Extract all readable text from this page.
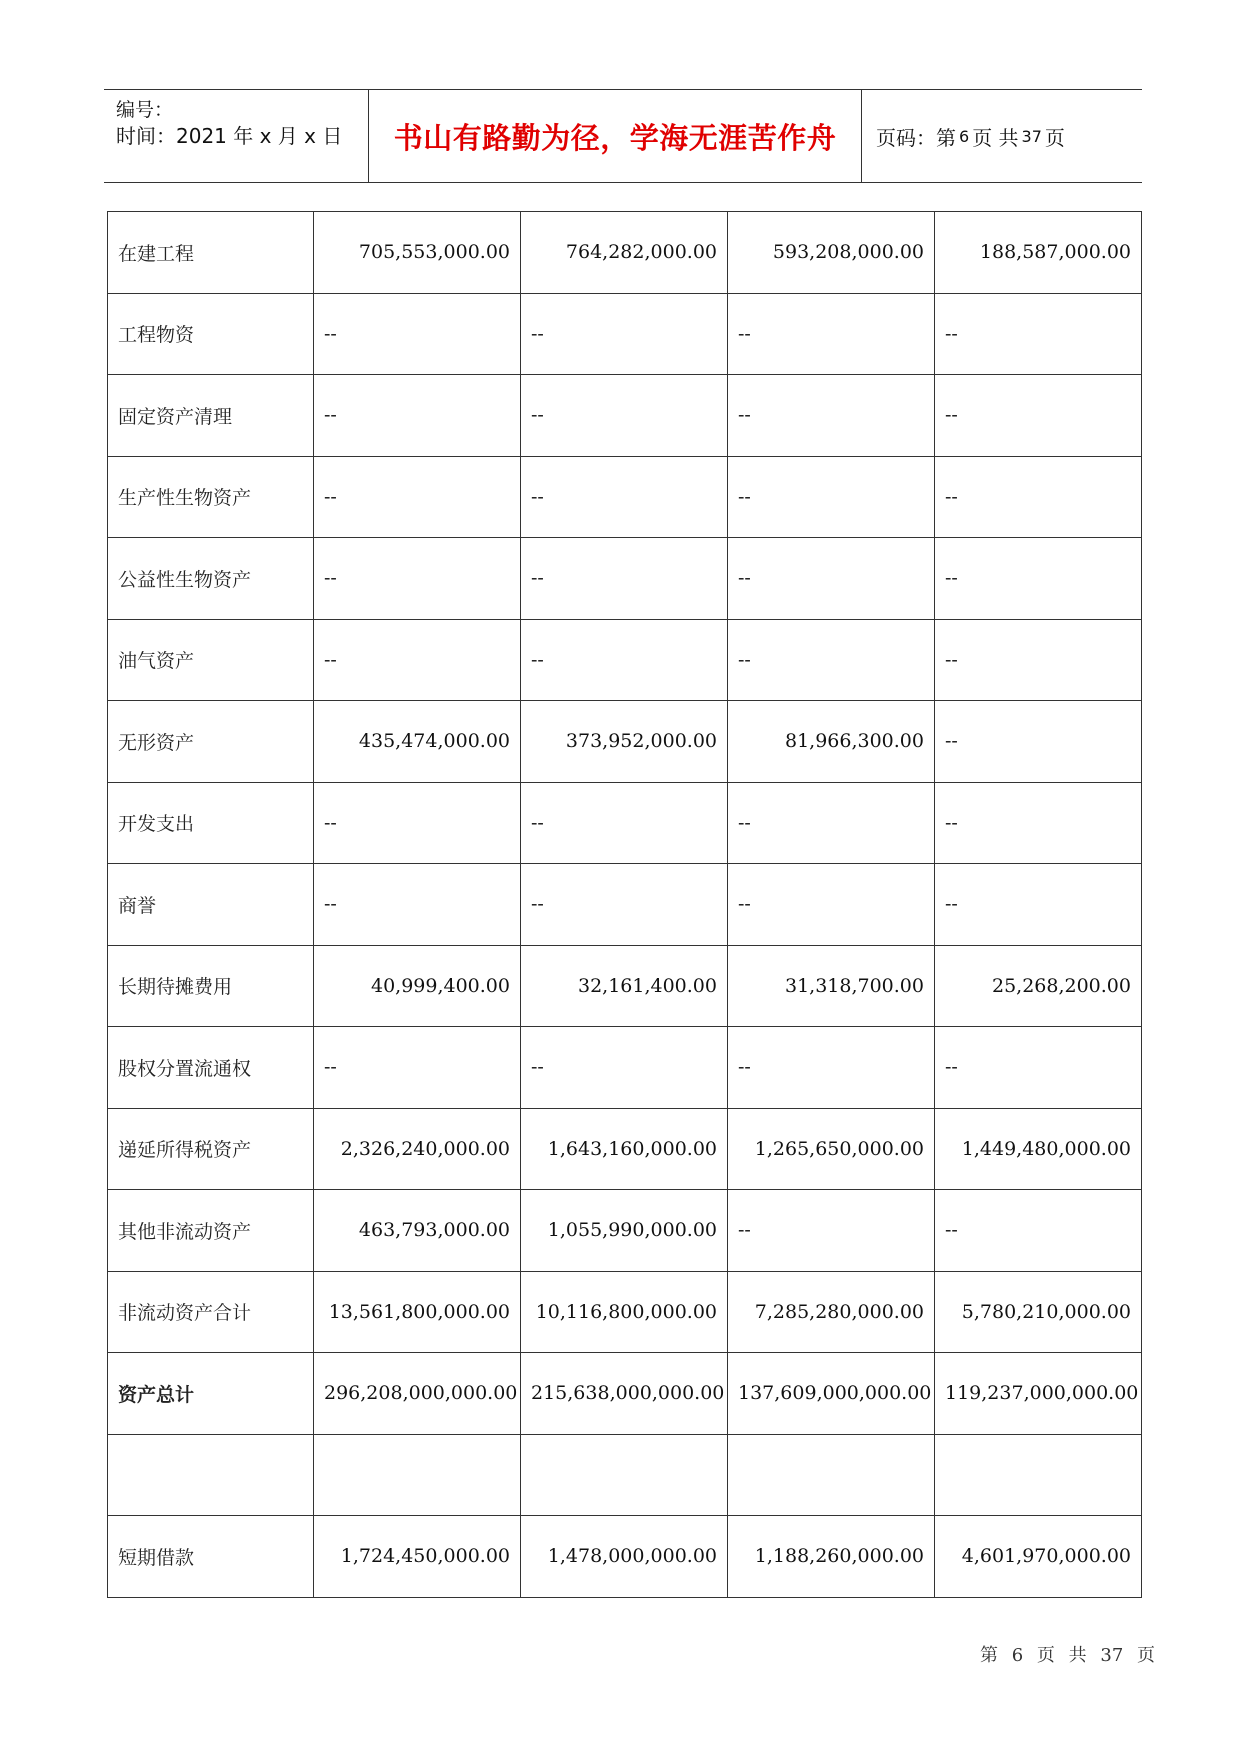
编号：
时间：2021 年 x 月 x 日 书山有路勤为径，学海无涯苦作舟 页码：第 6 页 共 37 页
在建工程	705,553,000.00	764,282,000.00	593,208,000.00	188,587,000.00
工程物资	--	--	--	--
固定资产清理	--	--	--	--
生产性生物资产	--	--	--	--
公益性生物资产	--	--	--	--
油气资产	--	--	--	--
无形资产	435,474,000.00	373,952,000.00	81,966,300.00	--
开发支出	--	--	--	--
商誉	--	--	--	--
长期待摊费用	40,999,400.00	32,161,400.00	31,318,700.00	25,268,200.00
股权分置流通权	--	--	--	--
递延所得税资产	2,326,240,000.00	1,643,160,000.00	1,265,650,000.00	1,449,480,000.00
其他非流动资产	463,793,000.00	1,055,990,000.00	--	--
非流动资产合计	13,561,800,000.00	10,116,800,000.00	7,285,280,000.00	5,780,210,000.00
资产总计	296,208,000,000.00	215,638,000,000.00	137,609,000,000.00	119,237,000,000.00

短期借款	1,724,450,000.00	1,478,000,000.00	1,188,260,000.00	4,601,970,000.00
第 6 页 共 37 页
